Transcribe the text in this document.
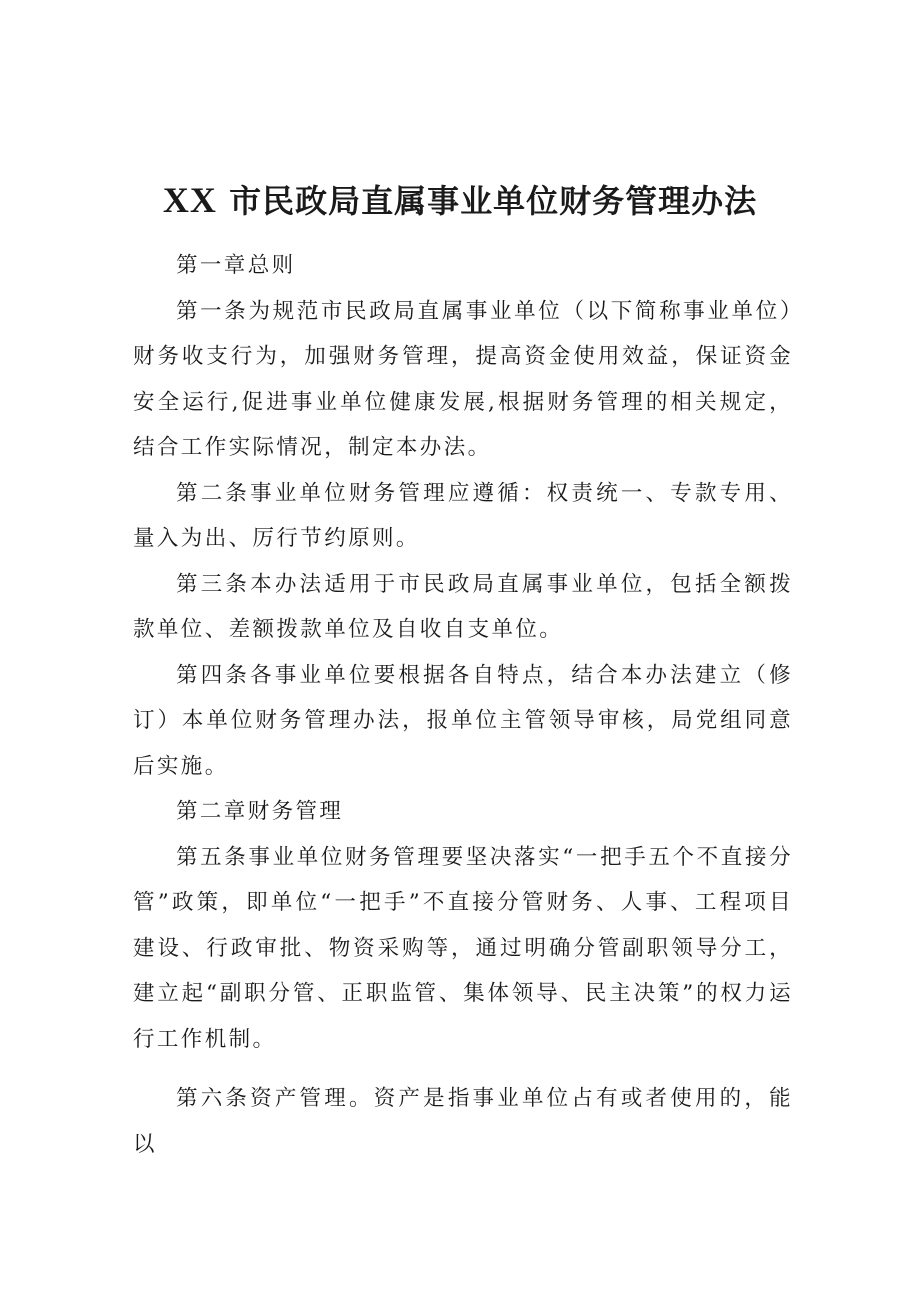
XX 市民政局直属事业单位财务管理办法

第一章总则

第一条为规范市民政局直属事业单位（以下简称事业单位）财务收支行为，加强财务管理，提高资金使用效益，保证资金安全运行,促进事业单位健康发展,根据财务管理的相关规定，结合工作实际情况，制定本办法。

第二条事业单位财务管理应遵循：权责统一、专款专用、量入为出、厉行节约原则。

第三条本办法适用于市民政局直属事业单位，包括全额拨款单位、差额拨款单位及自收自支单位。

第四条各事业单位要根据各自特点，结合本办法建立（修订）本单位财务管理办法，报单位主管领导审核，局党组同意后实施。

第二章财务管理

第五条事业单位财务管理要坚决落实“一把手五个不直接分管”政策，即单位“一把手”不直接分管财务、人事、工程项目建设、行政审批、物资采购等，通过明确分管副职领导分工，建立起“副职分管、正职监管、集体领导、民主决策”的权力运行工作机制。

第六条资产管理。资产是指事业单位占有或者使用的，能以
